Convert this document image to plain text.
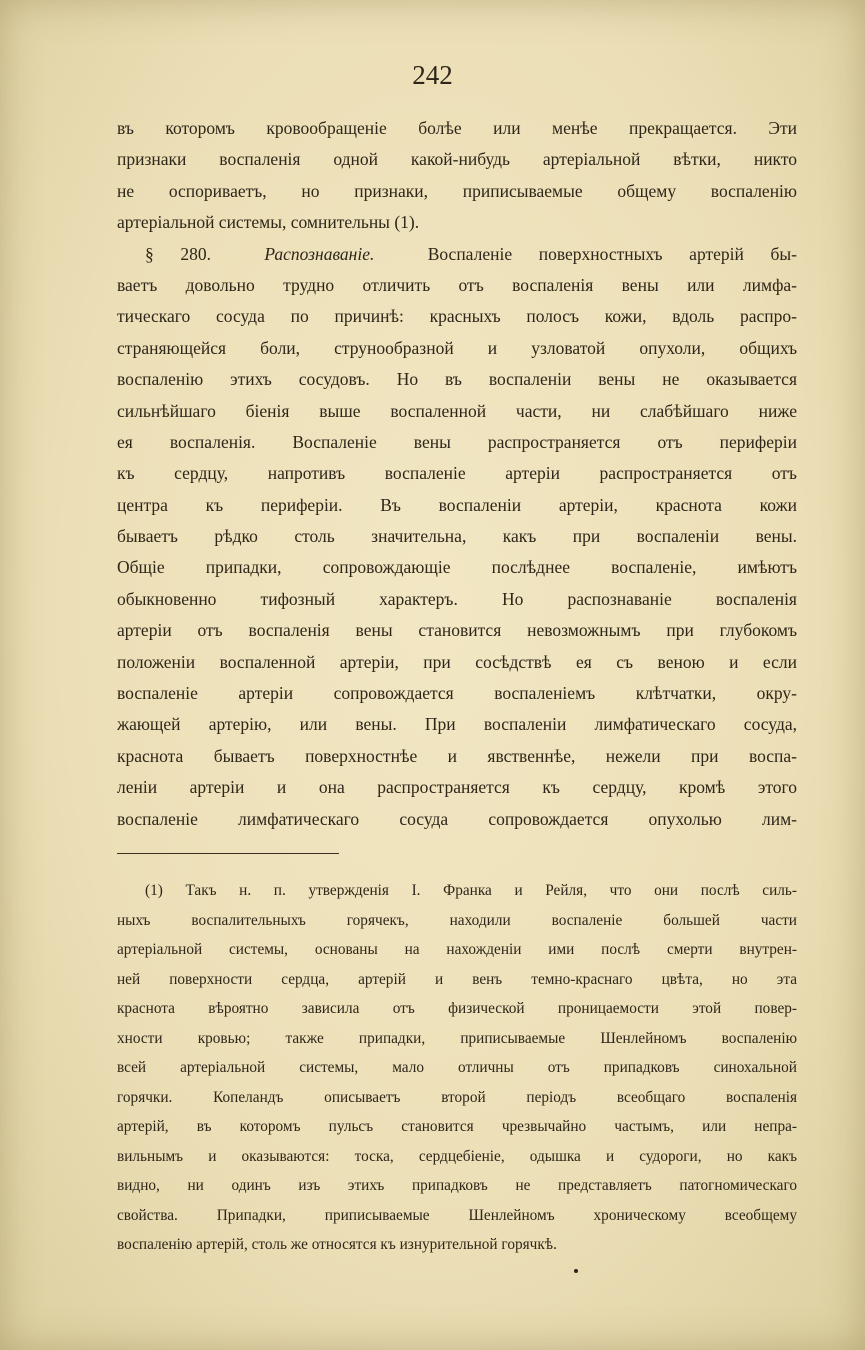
242
въ которомъ кровообращеніе болѣе или менѣе прекращается. Эти
признаки воспаленія одной какой-нибудь артеріальной вѣтки, никто
не оспориваетъ, но признаки, приписываемые общему воспаленію
артеріальной системы, сомнительны (1).
§ 280.	Распознаваніе.	Воспаленіе поверхностныхъ артерій бы-
ваетъ довольно трудно отличить отъ воспаленія вены или лимфа-
тическаго сосуда по причинѣ: красныхъ полосъ кожи, вдоль распро-
страняющейся боли, струнообразной и узловатой опухоли, общихъ
воспаленію этихъ сосудовъ. Но въ воспаленіи вены не оказывается
сильнѣйшаго біенія выше воспаленной части, ни слабѣйшаго ниже
ея воспаленія. Воспаленіе вены распространяется отъ периферіи
къ сердцу, напротивъ воспаленіе артеріи распространяется отъ
центра къ периферіи. Въ воспаленіи артеріи, краснота кожи
бываетъ рѣдко столь значительна, какъ при воспаленіи вены.
Общіе припадки, сопровождающіе послѣднее воспаленіе, имѣютъ
обыкновенно тифозный характеръ. Но распознаваніе воспаленія
артеріи отъ воспаленія вены становится невозможнымъ при глубокомъ
положеніи воспаленной артеріи, при сосѣдствѣ ея съ веною и если
воспаленіе артеріи сопровождается воспаленіемъ клѣтчатки, окру-
жающей артерію, или вены. При воспаленіи лимфатическаго сосуда,
краснота бываетъ поверхностнѣе и явственнѣе, нежели при воспа-
леніи артеріи и она распространяется къ сердцу, кромѣ этого
воспаленіе лимфатическаго сосуда сопровождается опухолью лим-
(1) Такъ н. п. утвержденія І. Франка и Рейля, что они послѣ силь-
ныхъ воспалительныхъ горячекъ, находили воспаленіе большей части
артеріальной системы, основаны на нахожденіи ими послѣ смерти внутрен-
ней поверхности сердца, артерій и венъ темно-краснаго цвѣта, но эта
краснота вѣроятно зависила отъ физической проницаемости этой повер-
хности кровью; также припадки, приписываемые Шенлейномъ воспаленію
всей артеріальной системы, мало отличны отъ припадковъ синохальной
горячки. Копеландъ описываетъ второй періодъ всеобщаго воспаленія
артерій, въ которомъ пульсъ становится чрезвычайно частымъ, или непра-
вильнымъ и оказываются: тоска, сердцебіеніе, одышка и судороги, но какъ
видно, ни одинъ изъ этихъ припадковъ не представляетъ патогномическаго
свойства. Припадки, приписываемые Шенлейномъ хроническому всеобщему
воспаленію артерій, столь же относятся къ изнурительной горячкѣ.
